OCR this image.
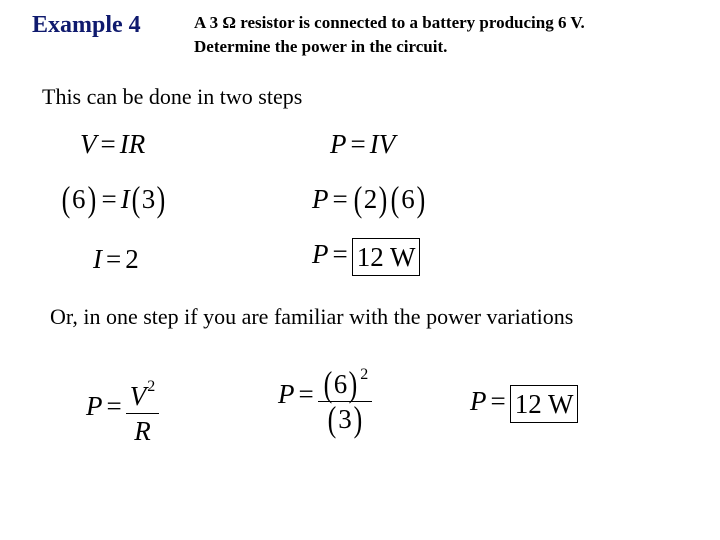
Example 4	A 3 Ω resistor is connected to a battery producing 6 V.
Determine the power in the circuit.
This can be done in two steps
V = IR
(6) = I(3)
I = 2
P = IV
P = (2)(6)
P = 12 W
Or, in one step if you are familiar with the power variations
$P = \frac{V^2}{R}$	$P = \frac{(6) ^2}{(3)}$	P = 12 W
